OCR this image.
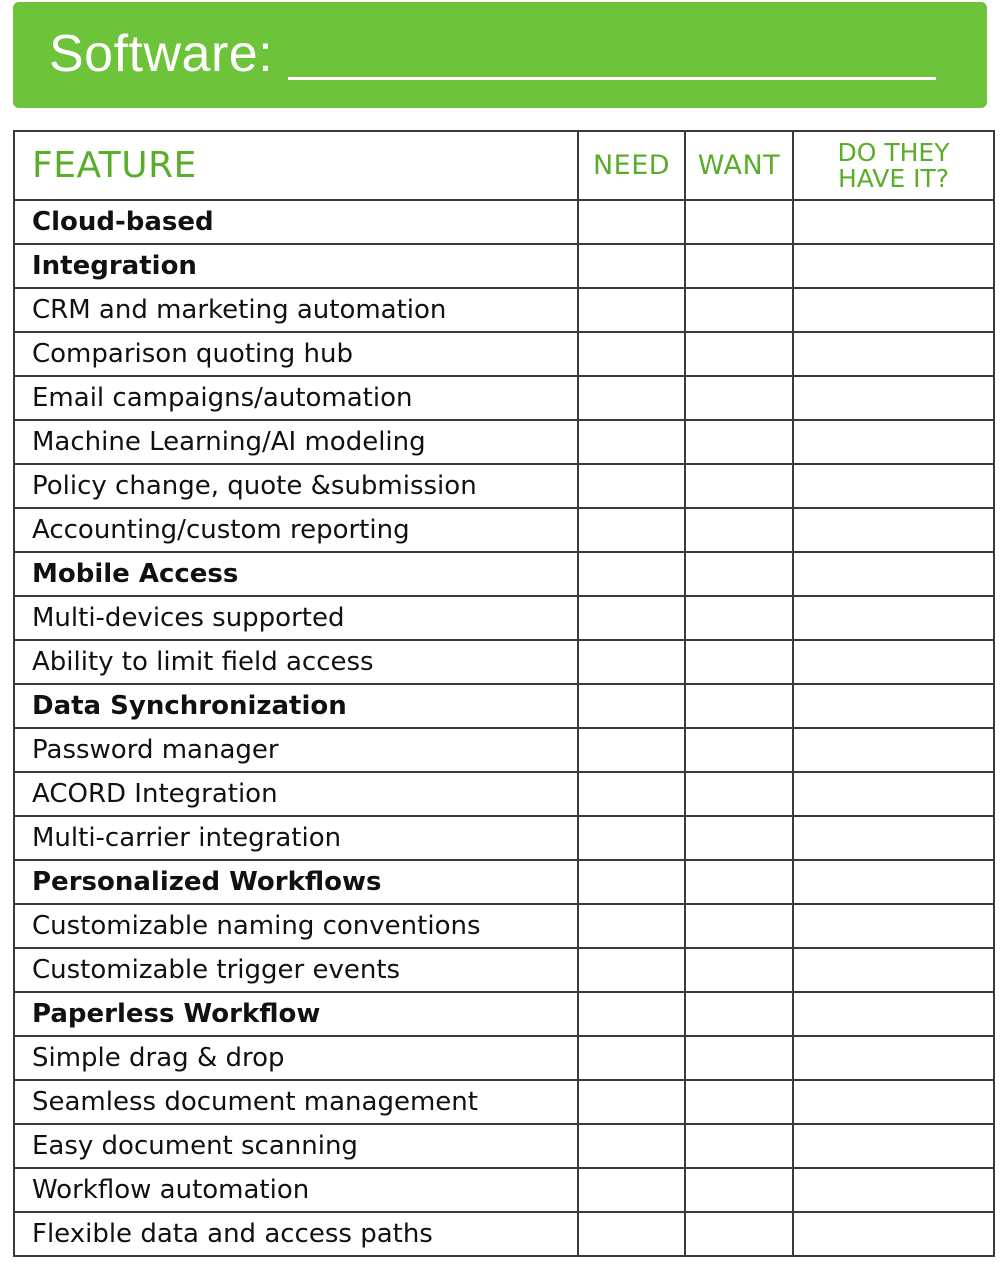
Software:
FEATURE	NEED	WANT	DO THEY HAVE IT?
Cloud-based			
Integration			
CRM and marketing automation			
Comparison quoting hub			
Email campaigns/automation			
Machine Learning/AI modeling			
Policy change, quote &submission			
Accounting/custom reporting			
Mobile Access			
Multi-devices supported			
Ability to limit field access			
Data Synchronization			
Password manager			
ACORD Integration			
Multi-carrier integration			
Personalized Workflows			
Customizable naming conventions			
Customizable trigger events			
Paperless Workflow			
Simple drag & drop			
Seamless document management			
Easy document scanning			
Workflow automation			
Flexible data and access paths			
